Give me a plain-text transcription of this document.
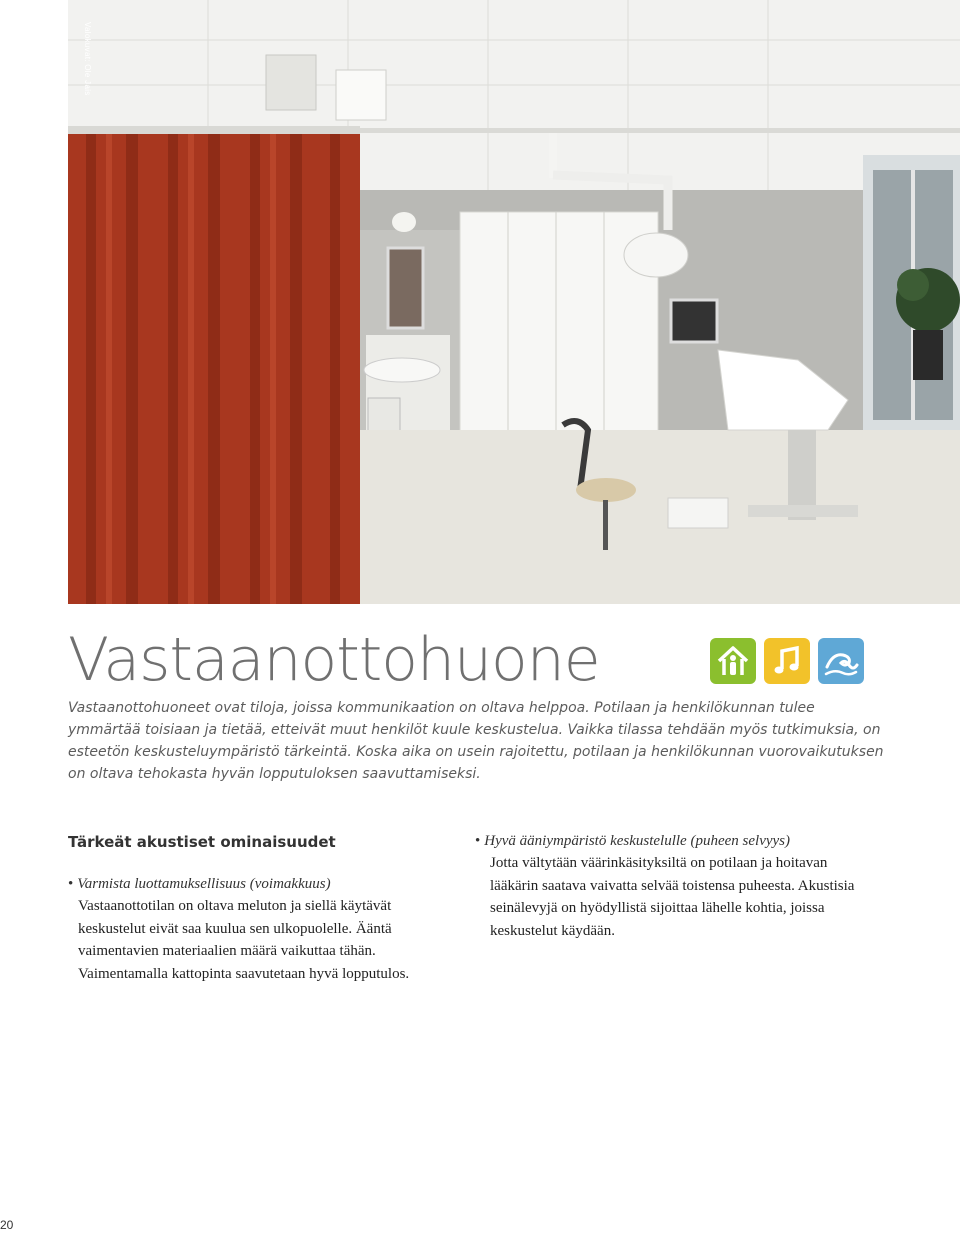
Valokuvat: Ole Jais
Vastaanottohuone

Vastaanottohuoneet ovat tiloja, joissa kommunikaation on oltava helppoa. Potilaan ja henkilökunnan tulee ymmärtää toisiaan ja tietää, etteivät muut henkilöt kuule keskustelua. Vaikka tilassa tehdään myös tutkimuksia, on esteetön keskusteluympäristö tärkeintä. Koska aika on usein rajoitettu, potilaan ja henkilökunnan vuorovaikutuksen on oltava tehokasta hyvän lopputuloksen saavuttamiseksi.

Tärkeät akustiset ominaisuudet

• Varmista luottamuksellisuus (voimakkuus)

Vastaanottotilan on oltava meluton ja siellä käytävät keskustelut eivät saa kuulua sen ulkopuolelle. Ääntä vaimentavien materiaalien määrä vaikuttaa tähän. Vaimentamalla kattopinta saavutetaan hyvä lopputulos.

• Hyvä ääniympäristö keskustelulle (puheen selvyys)

Jotta vältytään väärinkäsityksiltä on potilaan ja hoitavan lääkärin saatava vaivatta selvää toistensa puheesta. Akustisia seinälevyjä on hyödyllistä sijoittaa lähelle kohtia, joissa keskustelut käydään.

20
